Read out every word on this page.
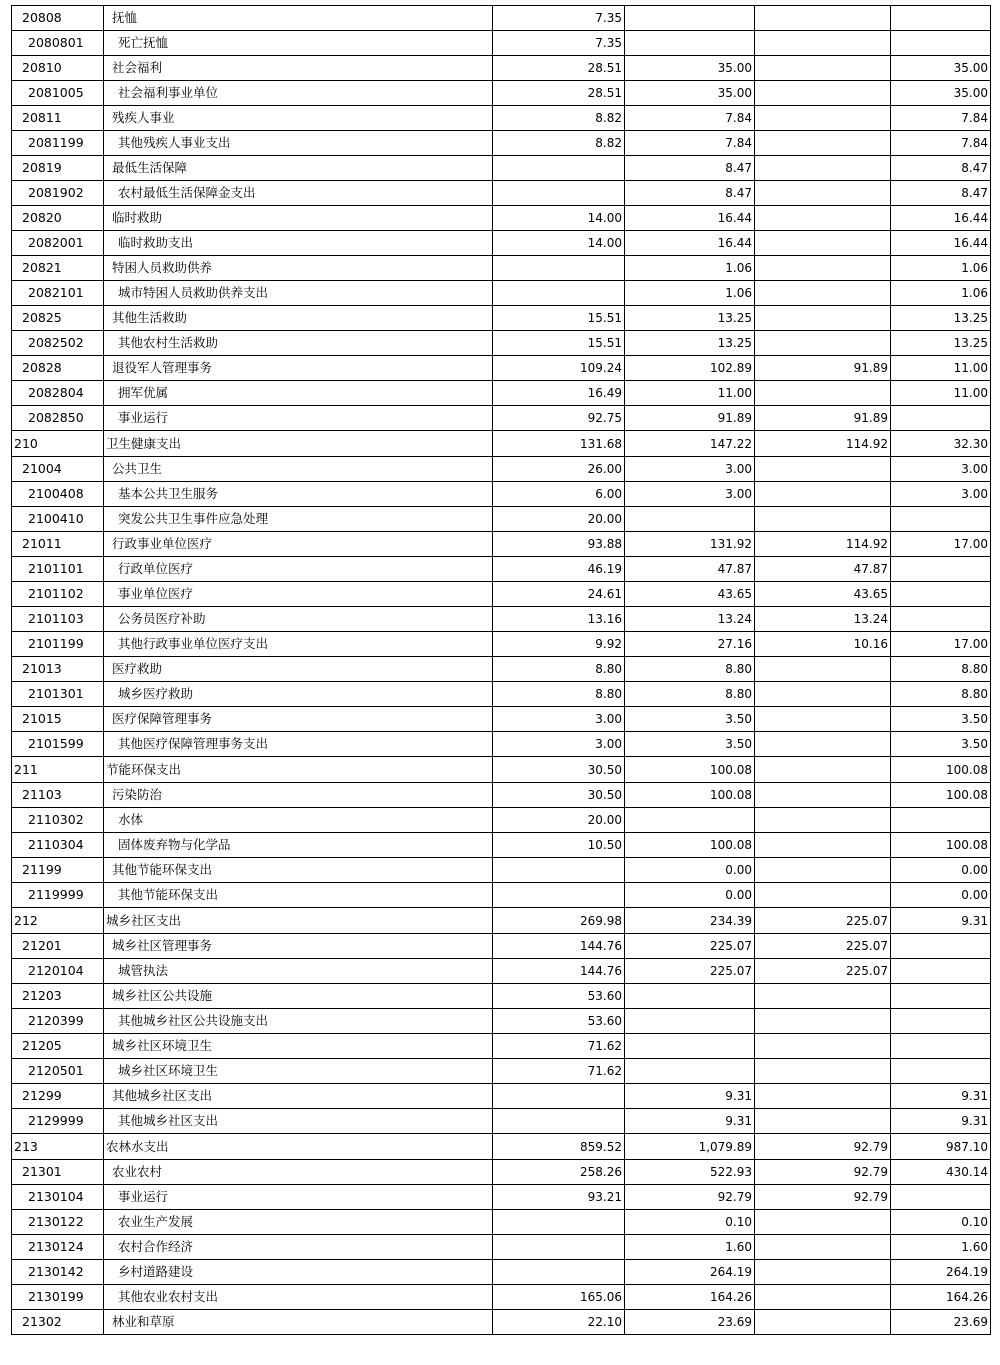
20808	抚恤	7.35			
2080801	死亡抚恤	7.35			
20810	社会福利	28.51	35.00		35.00
2081005	社会福利事业单位	28.51	35.00		35.00
20811	残疾人事业	8.82	7.84		7.84
2081199	其他残疾人事业支出	8.82	7.84		7.84
20819	最低生活保障		8.47		8.47
2081902	农村最低生活保障金支出		8.47		8.47
20820	临时救助	14.00	16.44		16.44
2082001	临时救助支出	14.00	16.44		16.44
20821	特困人员救助供养		1.06		1.06
2082101	城市特困人员救助供养支出		1.06		1.06
20825	其他生活救助	15.51	13.25		13.25
2082502	其他农村生活救助	15.51	13.25		13.25
20828	退役军人管理事务	109.24	102.89	91.89	11.00
2082804	拥军优属	16.49	11.00		11.00
2082850	事业运行	92.75	91.89	91.89	
210	卫生健康支出	131.68	147.22	114.92	32.30
21004	公共卫生	26.00	3.00		3.00
2100408	基本公共卫生服务	6.00	3.00		3.00
2100410	突发公共卫生事件应急处理	20.00			
21011	行政事业单位医疗	93.88	131.92	114.92	17.00
2101101	行政单位医疗	46.19	47.87	47.87	
2101102	事业单位医疗	24.61	43.65	43.65	
2101103	公务员医疗补助	13.16	13.24	13.24	
2101199	其他行政事业单位医疗支出	9.92	27.16	10.16	17.00
21013	医疗救助	8.80	8.80		8.80
2101301	城乡医疗救助	8.80	8.80		8.80
21015	医疗保障管理事务	3.00	3.50		3.50
2101599	其他医疗保障管理事务支出	3.00	3.50		3.50
211	节能环保支出	30.50	100.08		100.08
21103	污染防治	30.50	100.08		100.08
2110302	水体	20.00			
2110304	固体废弃物与化学品	10.50	100.08		100.08
21199	其他节能环保支出		0.00		0.00
2119999	其他节能环保支出		0.00		0.00
212	城乡社区支出	269.98	234.39	225.07	9.31
21201	城乡社区管理事务	144.76	225.07	225.07	
2120104	城管执法	144.76	225.07	225.07	
21203	城乡社区公共设施	53.60			
2120399	其他城乡社区公共设施支出	53.60			
21205	城乡社区环境卫生	71.62			
2120501	城乡社区环境卫生	71.62			
21299	其他城乡社区支出		9.31		9.31
2129999	其他城乡社区支出		9.31		9.31
213	农林水支出	859.52	1,079.89	92.79	987.10
21301	农业农村	258.26	522.93	92.79	430.14
2130104	事业运行	93.21	92.79	92.79	
2130122	农业生产发展		0.10		0.10
2130124	农村合作经济		1.60		1.60
2130142	乡村道路建设		264.19		264.19
2130199	其他农业农村支出	165.06	164.26		164.26
21302	林业和草原	22.10	23.69		23.69
